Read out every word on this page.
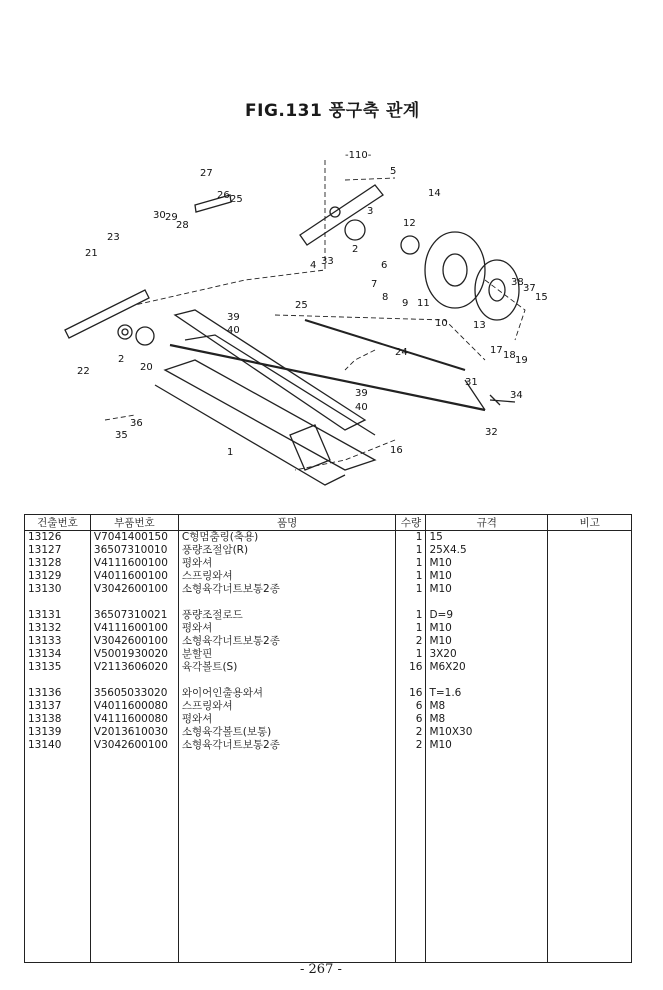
FIG.131 풍구축 관계
-110-
5
14
27
26 25
30 29
28
3
12
23
21	2
4 33	6
7
8
9 11
38
37
15
39
40
25
10	13
22
2
20
24	17 18 19
31
39
40
34
36
35	32
16
1
건출번호	부품번호	품명	수량	규격	비고
13126	V7041400150	C형멈춤링(축용)	1	15	
13127	36507310010	풍량조절암(R)	1	25X4.5	
13128	V4111600100	평와셔	1	M10	
13129	V4011600100	스프링와셔	1	M10	
13130	V3042600100	소형육각너트보통2종	1	M10	

13131	36507310021	풍량조절로드	1	D=9	
13132	V4111600100	평와셔	1	M10	
13133	V3042600100	소형육각너트보통2종	2	M10	
13134	V5001930020	분할핀	1	3X20	
13135	V2113606020	육각볼트(S)	16	M6X20	

13136	35605033020	와이어인출용와셔	16	T=1.6	
13137	V4011600080	스프링와셔	6	M8	
13138	V4111600080	평와셔	6	M8	
13139	V2013610030	소형육각볼트(보통)	2	M10X30	
13140	V3042600100	소형육각너트보통2종	2	M10	

- 267 -
